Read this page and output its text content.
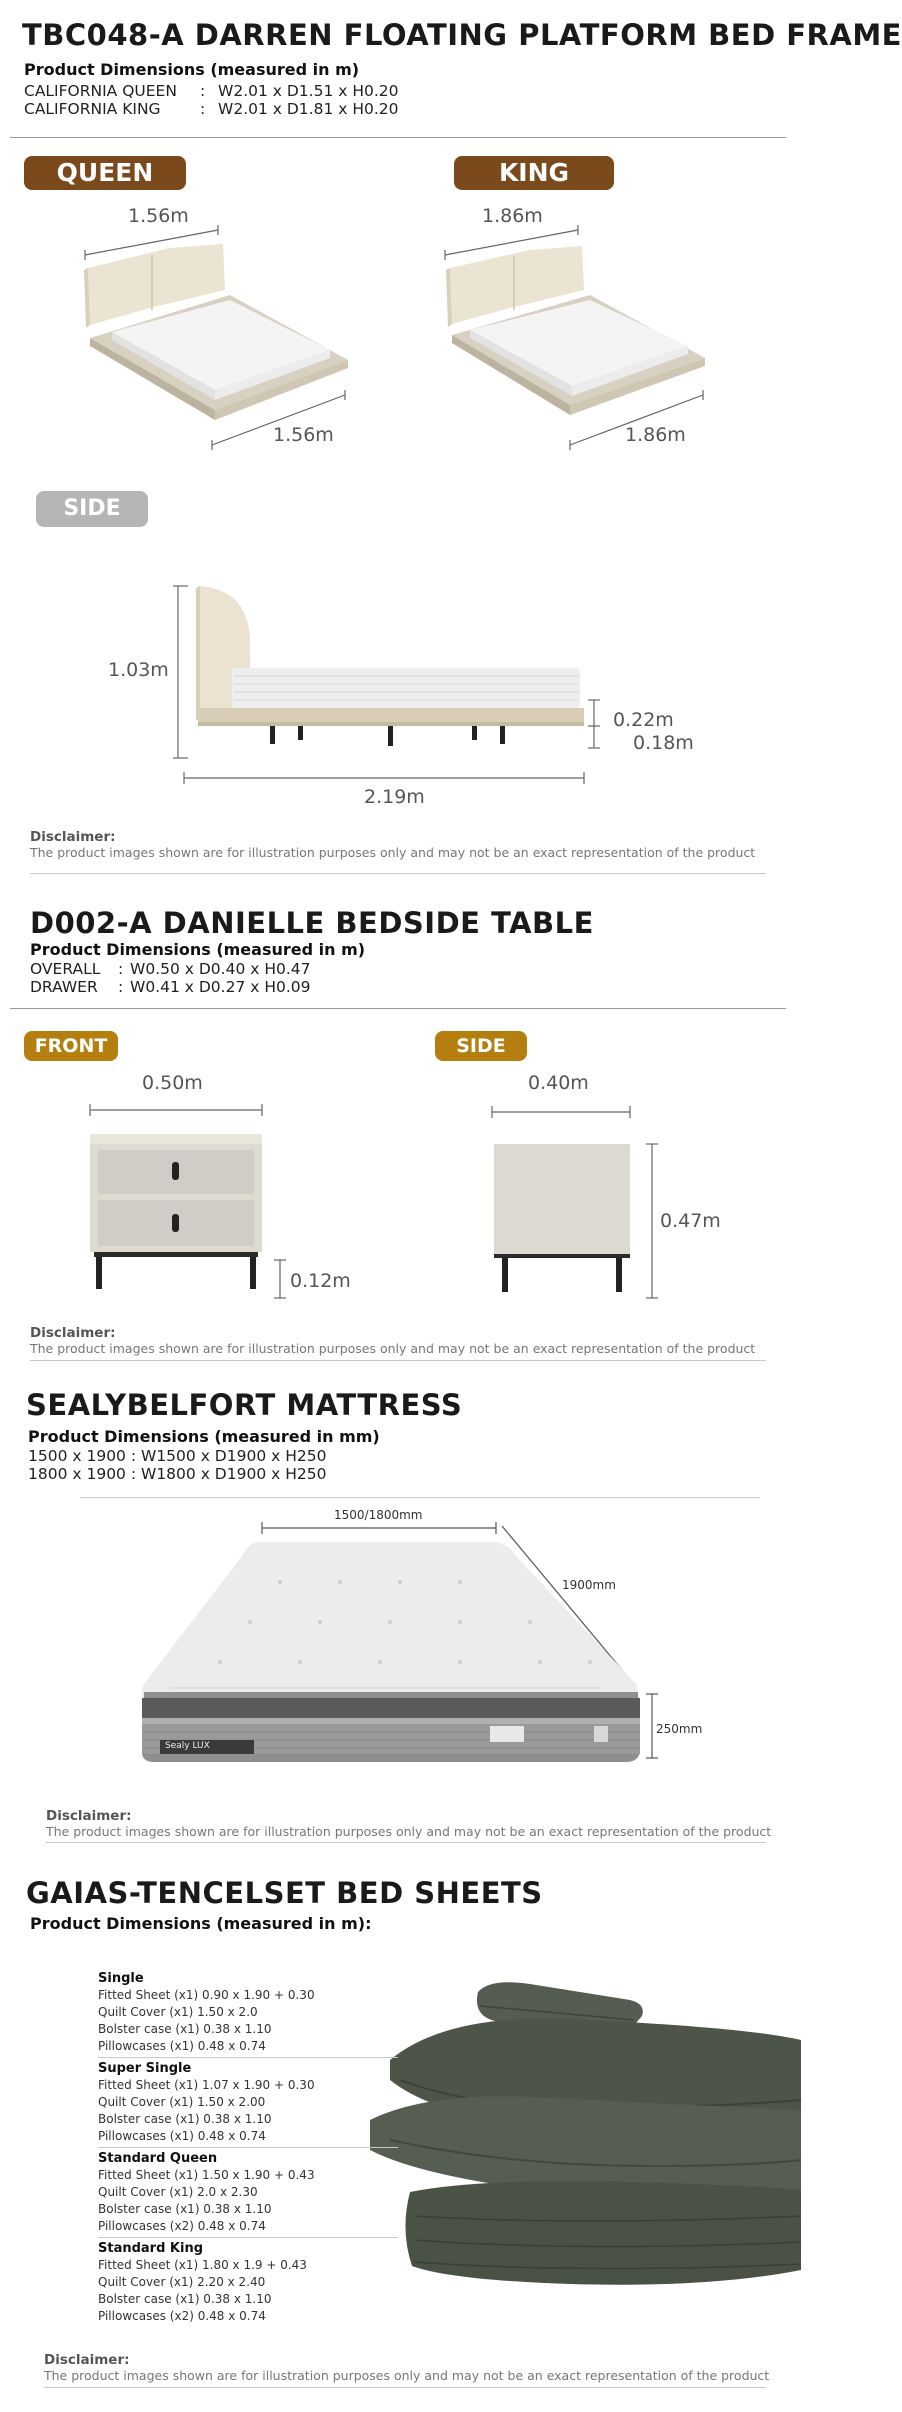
TBC048-A DARREN FLOATING PLATFORM BED FRAME
Product Dimensions (measured in m)
CALIFORNIA QUEEN : W2.01 x D1.51 x H0.20
CALIFORNIA KING	: W2.01 x D1.81 x H0.20
QUEEN	KING
1.56m
1.56m
1.86m
1.86m
SIDE
1.03m
0.22m
0.18m
2.19m
Disclaimer:
The product images shown are for illustration purposes only and may not be an exact representation of the product
D002-A DANIELLE BEDSIDE TABLE
Product Dimensions (measured in m)
OVERALL : W0.50 x D0.40 x H0.47
DRAWER : W0.41 x D0.27 x H0.09
FRONT	SIDE
0.50m
0.12m
0.40m
0.47m
Disclaimer:
The product images shown are for illustration purposes only and may not be an exact representation of the product
SEALYBELFORT MATTRESS
Product Dimensions (measured in mm)
1500 x 1900 : W1500 x D1900 x H250
1800 x 1900 : W1800 x D1900 x H250
1500/1800mm
1900mm
250mm
Sealy LUX
Disclaimer:
The product images shown are for illustration purposes only and may not be an exact representation of the product
GAIAS-TENCELSET BED SHEETS
Product Dimensions (measured in m):
Single
Fitted Sheet (x1) 0.90 x 1.90 + 0.30
Quilt Cover (x1) 1.50 x 2.0
Bolster case (x1) 0.38 x 1.10
Pillowcases (x1) 0.48 x 0.74
Super Single
Fitted Sheet (x1) 1.07 x 1.90 + 0.30
Quilt Cover (x1) 1.50 x 2.00
Bolster case (x1) 0.38 x 1.10
Pillowcases (x1) 0.48 x 0.74
Standard Queen
Fitted Sheet (x1) 1.50 x 1.90 + 0.43
Quilt Cover (x1) 2.0 x 2.30
Bolster case (x1) 0.38 x 1.10
Pillowcases (x2) 0.48 x 0.74
Standard King
Fitted Sheet (x1) 1.80 x 1.9 + 0.43
Quilt Cover (x1) 2.20 x 2.40
Bolster case (x1) 0.38 x 1.10
Pillowcases (x2) 0.48 x 0.74
Disclaimer:
The product images shown are for illustration purposes only and may not be an exact representation of the product
